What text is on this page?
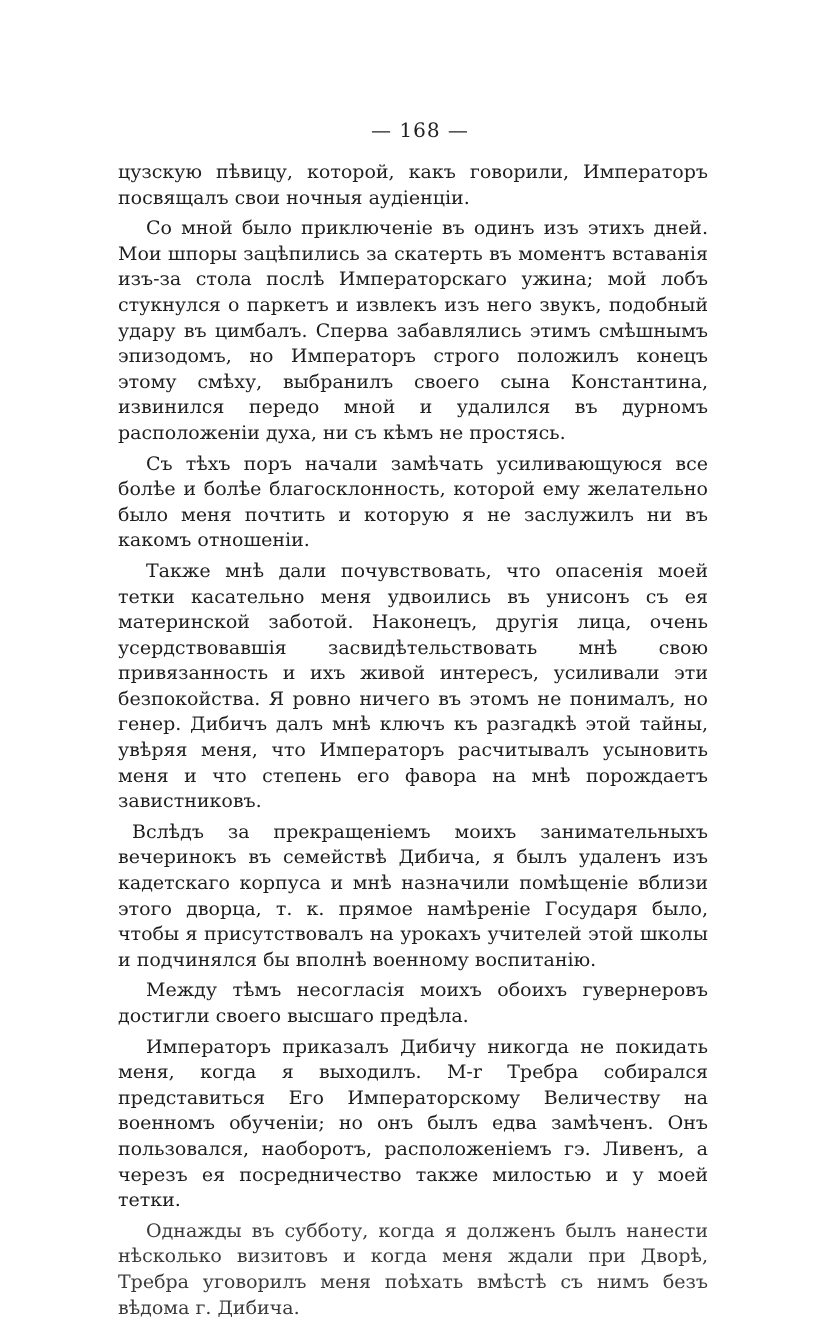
— 168 —

цузскую пѣвицу, которой, какъ говорили, Императоръ посвящалъ свои ночныя аудіенціи.

Со мной было приключеніе въ одинъ изъ этихъ дней. Мои шпоры зацѣпились за скатерть въ моментъ вставанія изъ-за стола послѣ Императорскаго ужина; мой лобъ стукнулся о паркетъ и извлекъ изъ него звукъ, подобный удару въ цимбалъ. Сперва забавлялись этимъ смѣшнымъ эпизодомъ, но Императоръ строго положилъ конецъ этому смѣху, выбранилъ своего сына Константина, извинился передо мной и удалился въ дурномъ расположеніи духа, ни съ кѣмъ не простясь.

Съ тѣхъ поръ начали замѣчать усиливающуюся все болѣе и болѣе благосклонность, которой ему желательно было меня почтить и которую я не заслужилъ ни въ какомъ отношеніи.

Также мнѣ дали почувствовать, что опасенія моей тетки касательно меня удвоились въ унисонъ съ ея материнской заботой. Наконецъ, другія лица, очень усердствовавшія засвидѣтельствовать мнѣ свою привязанность и ихъ живой интересъ, усиливали эти безпокойства. Я ровно ничего въ этомъ не понималъ, но генер. Дибичъ далъ мнѣ ключъ къ разгадкѣ этой тайны, увѣряя меня, что Императоръ расчитывалъ усыновить меня и что степень его фавора на мнѣ порождаетъ завистниковъ.

Вслѣдъ за прекращеніемъ моихъ занимательныхъ вечеринокъ въ семействѣ Дибича, я былъ удаленъ изъ кадетскаго корпуса и мнѣ назначили помѣщеніе вблизи этого дворца, т. к. прямое намѣреніе Государя было, чтобы я присутствовалъ на урокахъ учителей этой школы и подчинялся бы вполнѣ военному воспитанію.

Между тѣмъ несогласія моихъ обоихъ гувернеровъ достигли своего высшаго предѣла.

Императоръ приказалъ Дибичу никогда не покидать меня, когда я выходилъ. М-r Требра собирался представиться Его Императорскому Величеству на военномъ обученіи; но онъ былъ едва замѣченъ. Онъ пользовался, наоборотъ, расположеніемъ гэ. Ливенъ, а черезъ ея посредничество также милостью и у моей тетки.

Однажды въ субботу, когда я долженъ былъ нанести нѣсколько визитовъ и когда меня ждали при Дворѣ, Требра уговорилъ меня поѣхать вмѣстѣ съ нимъ безъ вѣдома г. Дибича.
